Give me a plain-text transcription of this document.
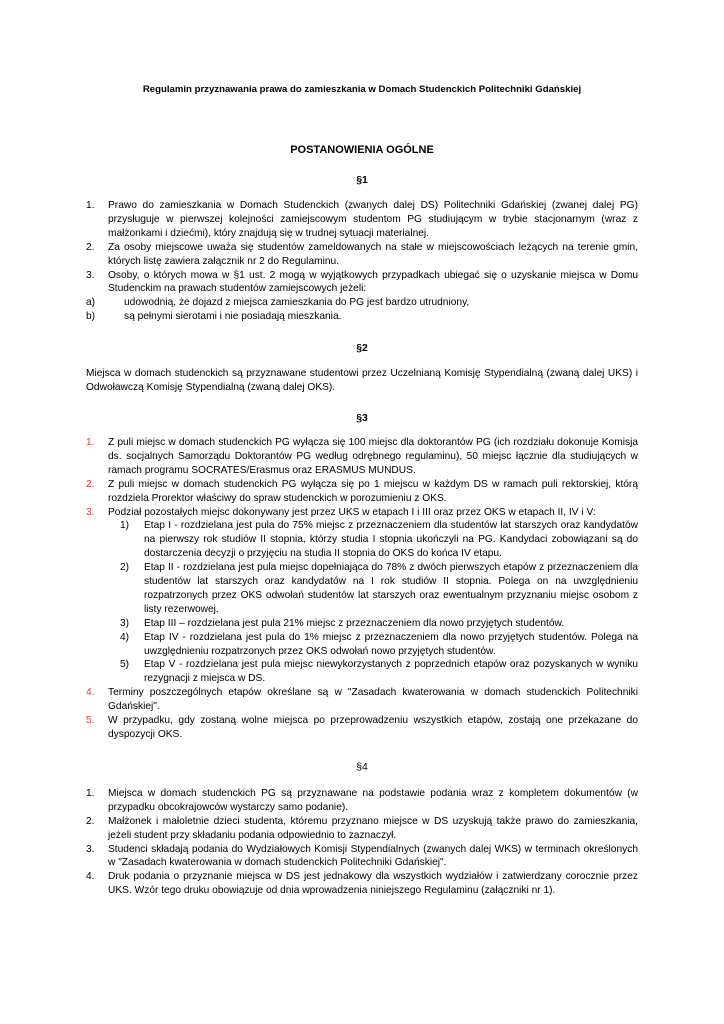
Regulamin przyznawania prawa do zamieszkania w Domach Studenckich Politechniki Gdańskiej

POSTANOWIENIA OGÓLNE

§1

1. Prawo do zamieszkania w Domach Studenckich (zwanych dalej DS) Politechniki Gdańskiej (zwanej dalej PG) przysługuje w pierwszej kolejności zamiejscowym studentom PG studiującym w trybie stacjonarnym (wraz z małżonkami i dziećmi), który znajdują się w trudnej sytuacji materialnej.
2. Za osoby miejscowe uważa się studentów zameldowanych na stałe w miejscowościach leżących na terenie gmin, których listę zawiera załącznik nr 2 do Regulaminu.
3. Osoby, o których mowa w §1 ust. 2 mogą w wyjątkowych przypadkach ubiegać się o uzyskanie miejsca w Domu Studenckim na prawach studentów zamiejscowych jeżeli:
a)	udowodnią, że dojazd z miejsca zamieszkania do PG jest bardzo utrudniony,
b)	są pełnymi sierotami i nie posiadają mieszkania.

§2

Miejsca w domach studenckich są przyznawane studentowi przez Uczelnianą Komisję Stypendialną (zwaną dalej UKS) i Odwoławczą Komisję Stypendialną (zwaną dalej OKS).

§3

1. Z puli miejsc w domach studenckich PG wyłącza się 100 miejsc dla doktorantów PG (ich rozdziału dokonuje Komisja ds. socjalnych Samorządu Doktorantów PG według odrębnego regulaminu), 50 miejsc łącznie dla studiujących w ramach programu SOCRATES/Erasmus oraz ERASMUS MUNDUS.
2. Z puli miejsc w domach studenckich PG wyłącza się po 1 miejscu w każdym DS w ramach puli rektorskiej, którą rozdziela Prorektor właściwy do spraw studenckich w porozumieniu z OKS.
3. Podział pozostałych miejsc dokonywany jest przez UKS w etapach I i III oraz przez OKS w etapach II, IV i V:
1) Etap I - rozdzielana jest pula do 75% miejsc z przeznaczeniem dla studentów lat starszych oraz kandydatów na pierwszy rok studiów II stopnia, którzy studia I stopnia ukończyli na PG. Kandydaci zobowiązani są do dostarczenia decyzji o przyjęciu na studia II stopnia do OKS do końca IV etapu.
2) Etap II - rozdzielana jest pula miejsc dopełniająca do 78% z dwóch pierwszych etapów z przeznaczeniem dla studentów lat starszych oraz kandydatów na I rok studiów II stopnia. Polega on na uwzględnieniu rozpatrzonych przez OKS odwołań studentów lat starszych oraz ewentualnym przyznaniu miejsc osobom z listy rezerwowej.
3) Etap III – rozdzielana jest pula 21% miejsc z przeznaczeniem dla nowo przyjętych studentów.
4) Etap IV - rozdzielana jest pula do 1% miejsc z przeznaczeniem dla nowo przyjętych studentów. Polega na uwzględnieniu rozpatrzonych przez OKS odwołań nowo przyjętych studentów.
5) Etap V - rozdzielana jest pula miejsc niewykorzystanych z poprzednich etapów oraz pozyskanych w wyniku rezygnacji z miejsca w DS.
4. Terminy poszczególnych etapów określane są w "Zasadach kwaterowania w domach studenckich Politechniki Gdańskiej".
5. W przypadku, gdy zostaną wolne miejsca po przeprowadzeniu wszystkich etapów, zostają one przekazane do dyspozycji OKS.

§4

1. Miejsca w domach studenckich PG są przyznawane na podstawie podania wraz z kompletem dokumentów (w przypadku obcokrajowców wystarczy samo podanie).
2. Małżonek i małoletnie dzieci studenta, któremu przyznano miejsce w DS uzyskują także prawo do zamieszkania, jeżeli student przy składaniu podania odpowiednio to zaznaczył.
3. Studenci składają podania do Wydziałowych Komisji Stypendialnych (zwanych dalej WKS) w terminach określonych w "Zasadach kwaterowania w domach studenckich Politechniki Gdańskiej".
4. Druk podania o przyznanie miejsca w DS jest jednakowy dla wszystkich wydziałów i zatwierdzany corocznie przez UKS. Wzór tego druku obowiązuje od dnia wprowadzenia niniejszego Regulaminu (załączniki nr 1).
